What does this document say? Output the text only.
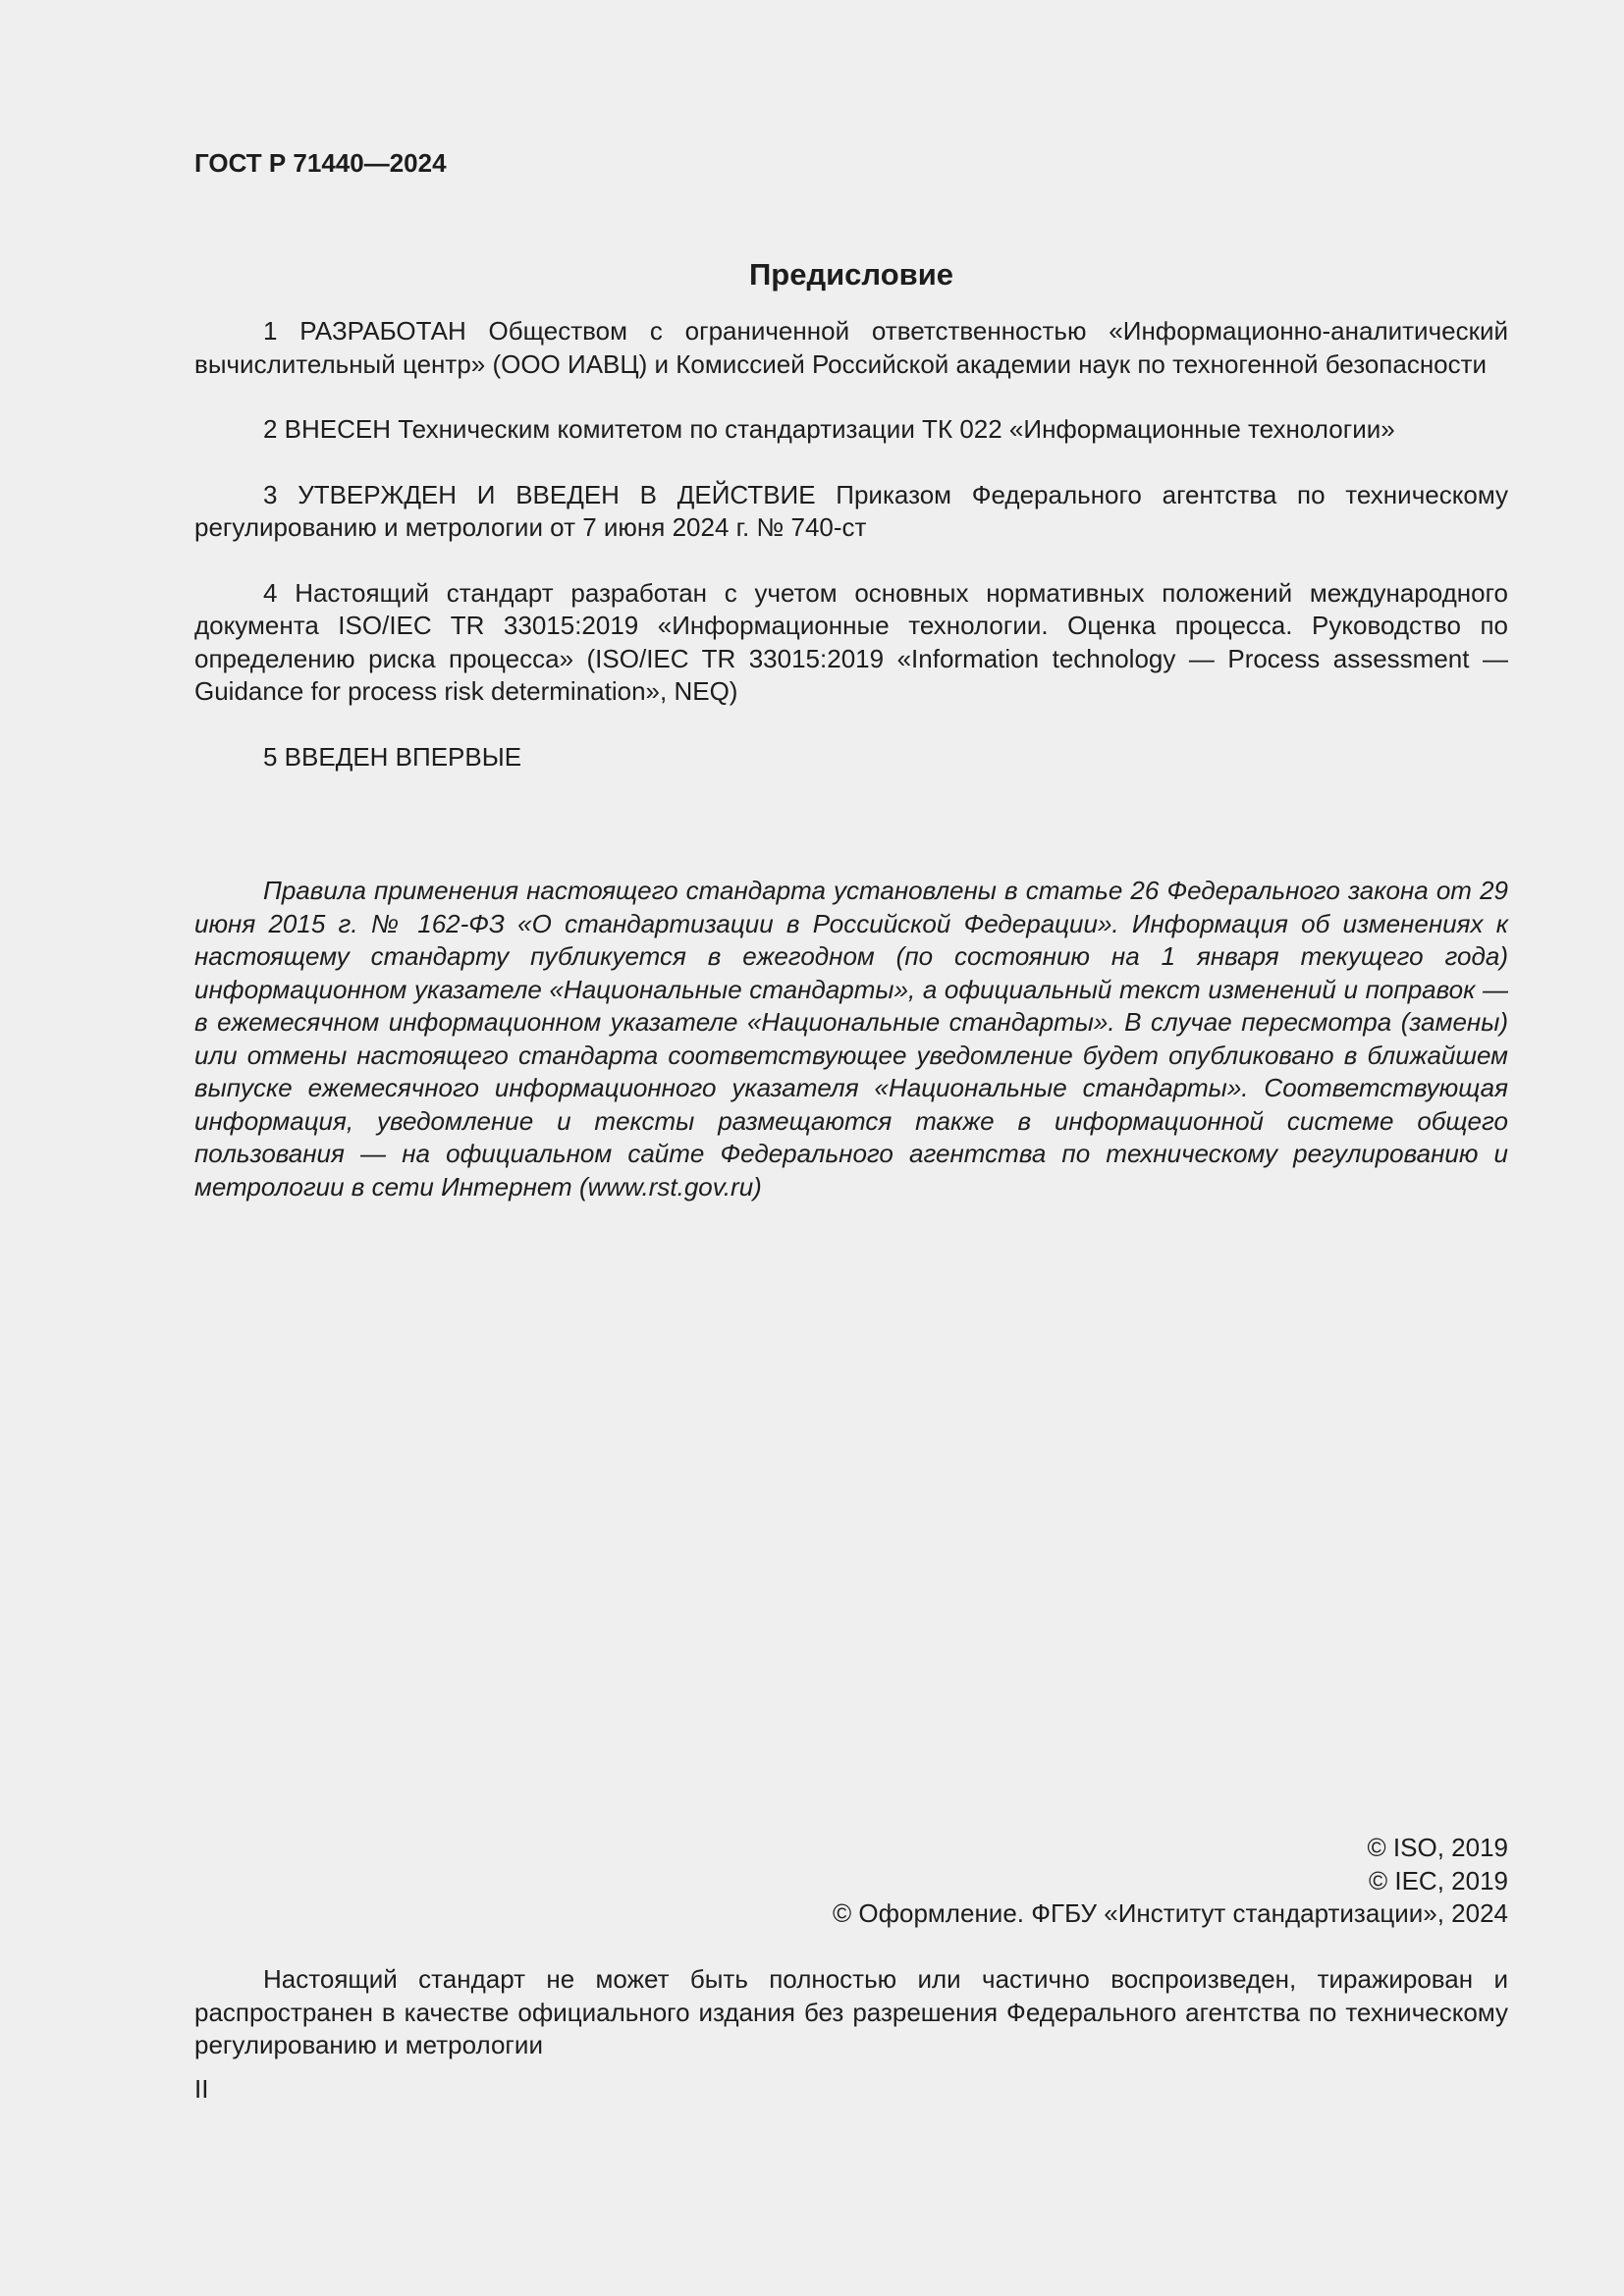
ГОСТ Р 71440—2024

Предисловие

1 РАЗРАБОТАН Обществом с ограниченной ответственностью «Информационно-аналитический вычислительный центр» (ООО ИАВЦ) и Комиссией Российской академии наук по техногенной безопасности

2 ВНЕСЕН Техническим комитетом по стандартизации ТК 022 «Информационные технологии»

3 УТВЕРЖДЕН И ВВЕДЕН В ДЕЙСТВИЕ Приказом Федерального агентства по техническому регулированию и метрологии от 7 июня 2024 г. № 740-ст

4 Настоящий стандарт разработан с учетом основных нормативных положений международного документа ISO/IEC TR 33015:2019 «Информационные технологии. Оценка процесса. Руководство по определению риска процесса» (ISO/IEC TR 33015:2019 «Information technology — Process assessment — Guidance for process risk determination», NEQ)

5 ВВЕДЕН ВПЕРВЫЕ

Правила применения настоящего стандарта установлены в статье 26 Федерального закона от 29 июня 2015 г. № 162-ФЗ «О стандартизации в Российской Федерации». Информация об изменениях к настоящему стандарту публикуется в ежегодном (по состоянию на 1 января текущего года) информационном указателе «Национальные стандарты», а официальный текст изменений и поправок — в ежемесячном информационном указателе «Национальные стандарты». В случае пересмотра (замены) или отмены настоящего стандарта соответствующее уведомление будет опубликовано в ближайшем выпуске ежемесячного информационного указателя «Национальные стандарты». Соответствующая информация, уведомление и тексты размещаются также в информационной системе общего пользования — на официальном сайте Федерального агентства по техническому регулированию и метрологии в сети Интернет (www.rst.gov.ru)

© ISO, 2019
© IEC, 2019
© Оформление. ФГБУ «Институт стандартизации», 2024

Настоящий стандарт не может быть полностью или частично воспроизведен, тиражирован и распространен в качестве официального издания без разрешения Федерального агентства по техническому регулированию и метрологии

II
